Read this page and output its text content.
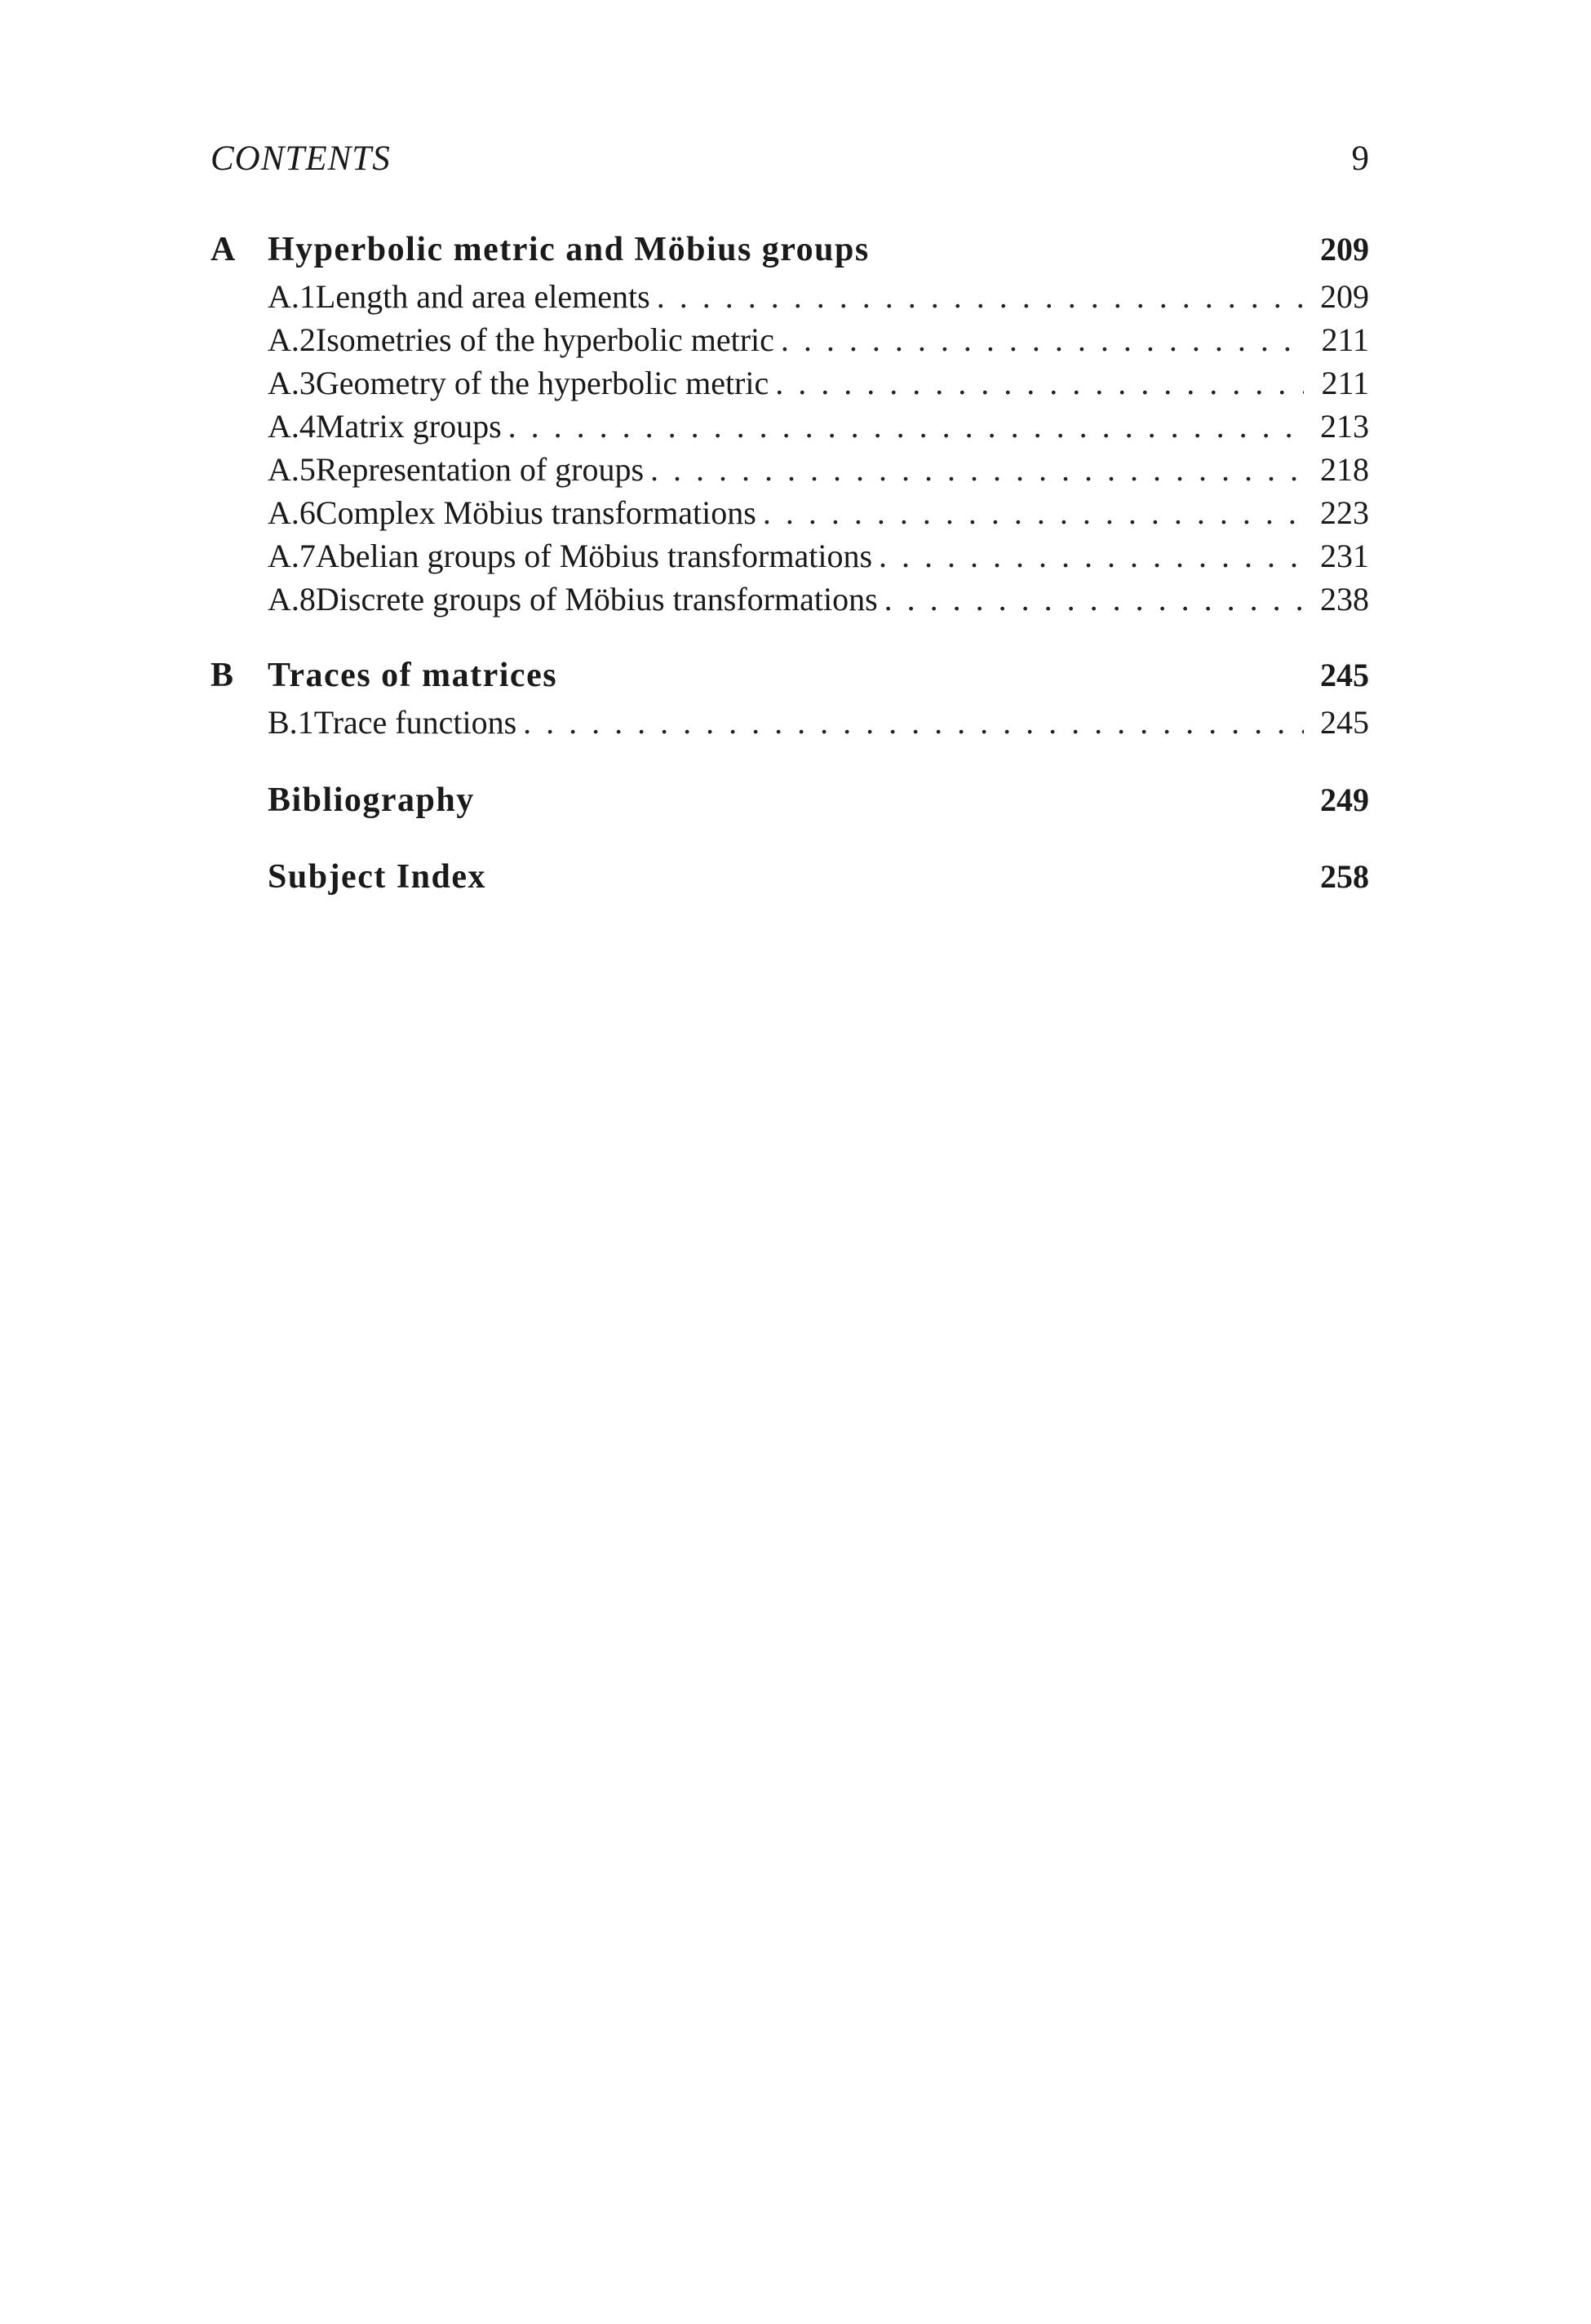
CONTENTS	9
A Hyperbolic metric and Möbius groups	209
A.1 Length and area elements . . .	209
A.2 Isometries of the hyperbolic metric . . .	211
A.3 Geometry of the hyperbolic metric . . .	211
A.4 Matrix groups . . .	213
A.5 Representation of groups . . .	218
A.6 Complex Möbius transformations . . .	223
A.7 Abelian groups of Möbius transformations . . .	231
A.8 Discrete groups of Möbius transformations . . .	238
B Traces of matrices	245
B.1 Trace functions . . .	245
Bibliography	249
Subject Index	258
